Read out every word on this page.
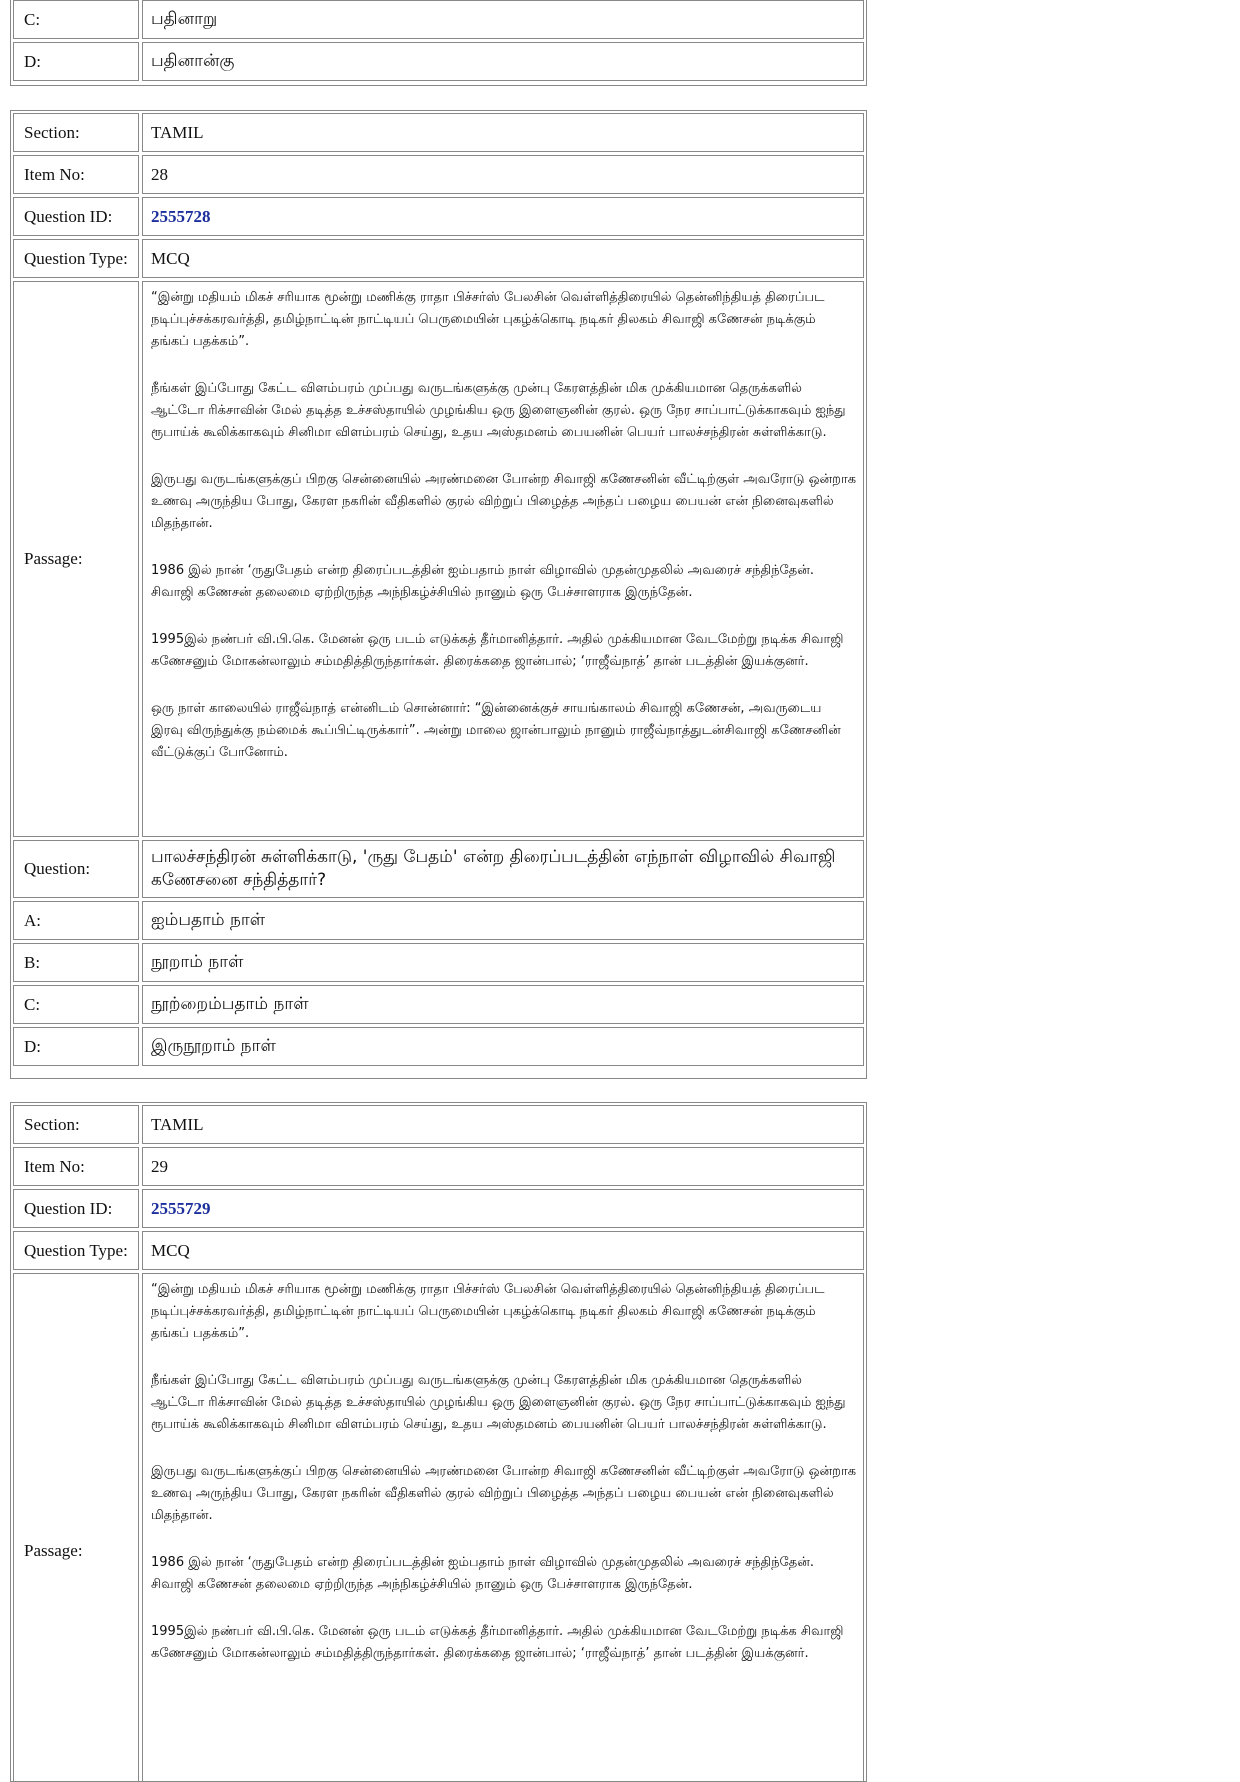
C:	பதினாறு
D:	பதினான்கு
Section:	TAMIL
Item No:	28
Question ID:	2555728
Question Type:	MCQ
Passage:

“இன்று மதியம் மிகச் சரியாக மூன்று மணிக்கு ராதா பிச்சர்ஸ் பேலசின் வெள்ளித்திரையில் தென்னிந்தியத் திரைப்பட நடிப்புச்சக்கரவர்த்தி, தமிழ்நாட்டின் நாட்டியப் பெருமையின் புகழ்க்கொடி நடிகர் திலகம் சிவாஜி கணேசன் நடிக்கும் தங்கப் பதக்கம்”.

நீங்கள் இப்போது கேட்ட விளம்பரம் முப்பது வருடங்களுக்கு முன்பு கேரளத்தின் மிக முக்கியமான தெருக்களில் ஆட்டோ ரிக்சாவின் மேல் தடித்த உச்சஸ்தாயில் முழங்கிய ஒரு இளைஞனின் குரல். ஒரு நேர சாப்பாட்டுக்காகவும் ஐந்து ரூபாய்க் கூலிக்காகவும் சினிமா விளம்பரம் செய்து, உதய அஸ்தமனம் பையனின் பெயர் பாலச்சந்திரன் சுள்ளிக்காடு.

இருபது வருடங்களுக்குப் பிறகு சென்னையில் அரண்மனை போன்ற சிவாஜி கணேசனின் வீட்டிற்குள் அவரோடு ஒன்றாக உணவு அருந்திய போது, கேரள நகரின் வீதிகளில் குரல் விற்றுப் பிழைத்த அந்தப் பழைய பையன் என் நினைவுகளில் மிதந்தான்.

1986 இல் நான் ‘ருதுபேதம் என்ற திரைப்படத்தின் ஐம்பதாம் நாள் விழாவில் முதன்முதலில் அவரைச் சந்திந்தேன். சிவாஜி கணேசன் தலைமை ஏற்றிருந்த அந்நிகழ்ச்சியில் நானும் ஒரு பேச்சாளராக இருந்தேன்.

1995இல் நண்பர் வி.பி.கெ. மேனன் ஒரு படம் எடுக்கத் தீர்மானித்தார். அதில் முக்கியமான வேடமேற்று நடிக்க சிவாஜி கணேசனும் மோகன்லாலும் சம்மதித்திருந்தார்கள். திரைக்கதை ஜான்பால்; ‘ராஜீவ்நாத்’ தான் படத்தின் இயக்குனர்.

ஒரு நாள் காலையில் ராஜீவ்நாத் என்னிடம் சொன்னார்: “இன்னைக்குச் சாயங்காலம் சிவாஜி கணேசன், அவருடைய இரவு விருந்துக்கு நம்மைக் கூப்பிட்டிருக்கார்”. அன்று மாலை ஜான்பாலும் நானும் ராஜீவ்நாத்துடன்சிவாஜி கணேசனின் வீட்டுக்குப் போனோம்.

Question:
பாலச்சந்திரன் சுள்ளிக்காடு, 'ருது பேதம்' என்ற திரைப்படத்தின் எந்நாள் விழாவில் சிவாஜி கணேசனை சந்தித்தார்?
A:	ஐம்பதாம் நாள்
B:	நூறாம் நாள்
C:	நூற்றைம்பதாம் நாள்
D:	இருநூறாம் நாள்
Section:	TAMIL
Item No:	29
Question ID:	2555729
Question Type:	MCQ
Passage:

“இன்று மதியம் மிகச் சரியாக மூன்று மணிக்கு ராதா பிச்சர்ஸ் பேலசின் வெள்ளித்திரையில் தென்னிந்தியத் திரைப்பட நடிப்புச்சக்கரவர்த்தி, தமிழ்நாட்டின் நாட்டியப் பெருமையின் புகழ்க்கொடி நடிகர் திலகம் சிவாஜி கணேசன் நடிக்கும் தங்கப் பதக்கம்”.

நீங்கள் இப்போது கேட்ட விளம்பரம் முப்பது வருடங்களுக்கு முன்பு கேரளத்தின் மிக முக்கியமான தெருக்களில் ஆட்டோ ரிக்சாவின் மேல் தடித்த உச்சஸ்தாயில் முழங்கிய ஒரு இளைஞனின் குரல். ஒரு நேர சாப்பாட்டுக்காகவும் ஐந்து ரூபாய்க் கூலிக்காகவும் சினிமா விளம்பரம் செய்து, உதய அஸ்தமனம் பையனின் பெயர் பாலச்சந்திரன் சுள்ளிக்காடு.

இருபது வருடங்களுக்குப் பிறகு சென்னையில் அரண்மனை போன்ற சிவாஜி கணேசனின் வீட்டிற்குள் அவரோடு ஒன்றாக உணவு அருந்திய போது, கேரள நகரின் வீதிகளில் குரல் விற்றுப் பிழைத்த அந்தப் பழைய பையன் என் நினைவுகளில் மிதந்தான்.

1986 இல் நான் ‘ருதுபேதம் என்ற திரைப்படத்தின் ஐம்பதாம் நாள் விழாவில் முதன்முதலில் அவரைச் சந்திந்தேன். சிவாஜி கணேசன் தலைமை ஏற்றிருந்த அந்நிகழ்ச்சியில் நானும் ஒரு பேச்சாளராக இருந்தேன்.

1995இல் நண்பர் வி.பி.கெ. மேனன் ஒரு படம் எடுக்கத் தீர்மானித்தார். அதில் முக்கியமான வேடமேற்று நடிக்க சிவாஜி கணேசனும் மோகன்லாலும் சம்மதித்திருந்தார்கள். திரைக்கதை ஜான்பால்; ‘ராஜீவ்நாத்’ தான் படத்தின் இயக்குனர்.
